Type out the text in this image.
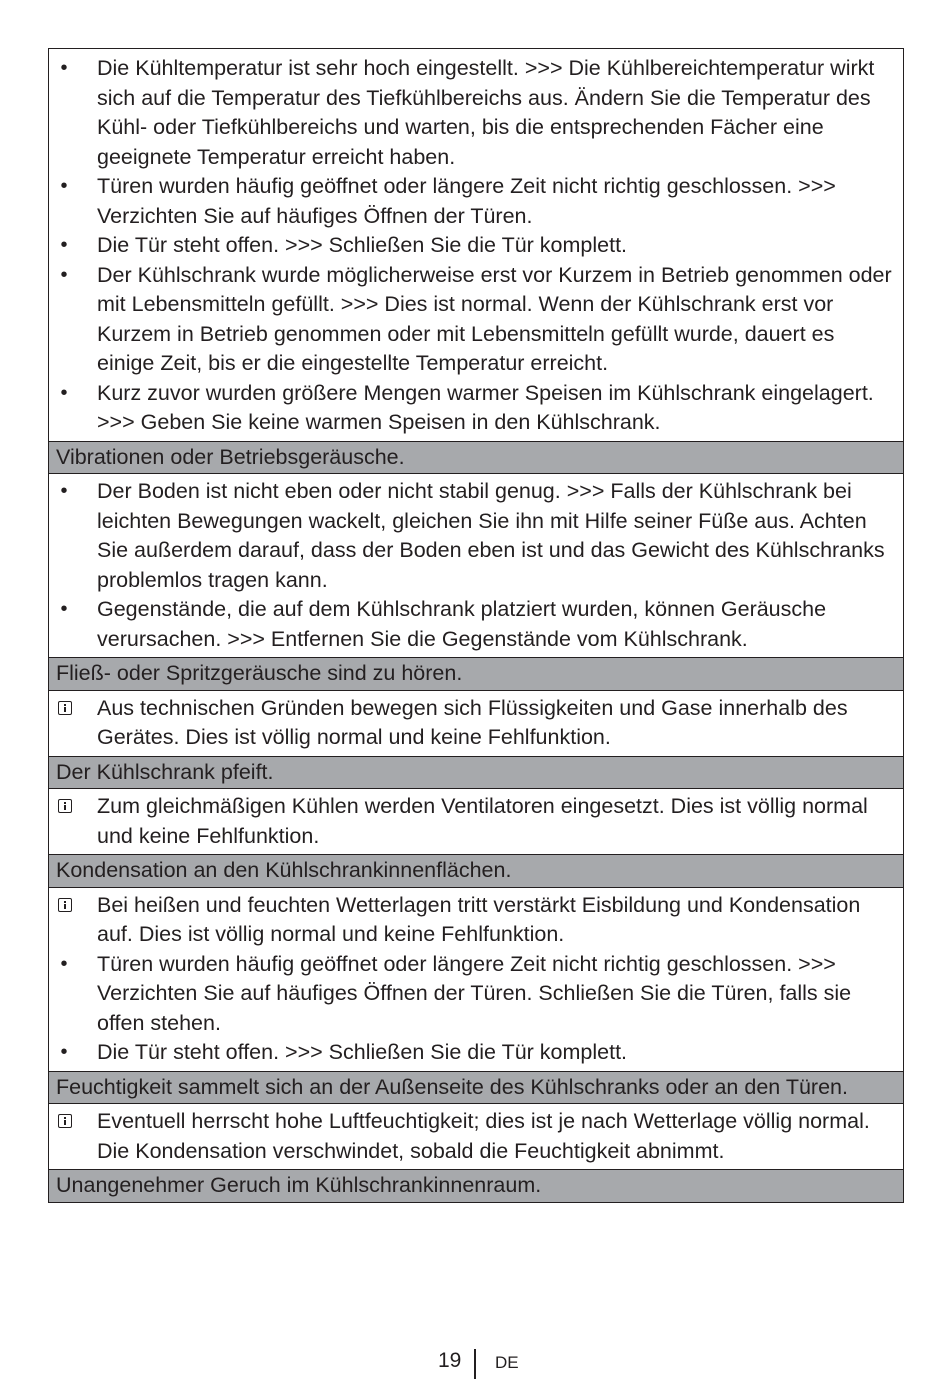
•	Die Kühltemperatur ist sehr hoch eingestellt. >>> Die Kühlbereichtemperatur wirkt sich auf die Temperatur des Tiefkühlbereichs aus. Ändern Sie die Temperatur des Kühl- oder Tiefkühlbereichs und warten, bis die entsprechenden Fächer eine geeignete Temperatur erreicht haben.
•	Türen wurden häufig geöffnet oder längere Zeit nicht richtig geschlossen. >>> Verzichten Sie auf häufiges Öffnen der Türen.
•	Die Tür steht offen. >>> Schließen Sie die Tür komplett.
•	Der Kühlschrank wurde möglicherweise erst vor Kurzem in Betrieb genommen oder mit Lebensmitteln gefüllt. >>> Dies ist normal. Wenn der Kühlschrank erst vor Kurzem in Betrieb genommen oder mit Lebensmitteln gefüllt wurde, dauert es einige Zeit, bis er die eingestellte Temperatur erreicht.
•	Kurz zuvor wurden größere Mengen warmer Speisen im Kühlschrank eingelagert. >>> Geben Sie keine warmen Speisen in den Kühlschrank.
Vibrationen oder Betriebsgeräusche.
•	Der Boden ist nicht eben oder nicht stabil genug. >>> Falls der Kühlschrank bei leichten Bewegungen wackelt, gleichen Sie ihn mit Hilfe seiner Füße aus. Achten Sie außerdem darauf, dass der Boden eben ist und das Gewicht des Kühlschranks problemlos tragen kann.
•	Gegenstände, die auf dem Kühlschrank platziert wurden, können Geräusche verursachen. >>> Entfernen Sie die Gegenstände vom Kühlschrank.
Fließ- oder Spritzgeräusche sind zu hören.
Aus technischen Gründen bewegen sich Flüssigkeiten und Gase innerhalb des Gerätes. Dies ist völlig normal und keine Fehlfunktion.
Der Kühlschrank pfeift.
Zum gleichmäßigen Kühlen werden Ventilatoren eingesetzt. Dies ist völlig normal und keine Fehlfunktion.
Kondensation an den Kühlschrankinnenflächen.
Bei heißen und feuchten Wetterlagen tritt verstärkt Eisbildung und Kondensation auf. Dies ist völlig normal und keine Fehlfunktion.
•	Türen wurden häufig geöffnet oder längere Zeit nicht richtig geschlossen. >>> Verzichten Sie auf häufiges Öffnen der Türen. Schließen Sie die Türen, falls sie offen stehen.
•	Die Tür steht offen. >>> Schließen Sie die Tür komplett.
Feuchtigkeit sammelt sich an der Außenseite des Kühlschranks oder an den Türen.
Eventuell herrscht hohe Luftfeuchtigkeit; dies ist je nach Wetterlage völlig normal. Die Kondensation verschwindet, sobald die Feuchtigkeit abnimmt.
Unangenehmer Geruch im Kühlschrankinnenraum.
19 DE
